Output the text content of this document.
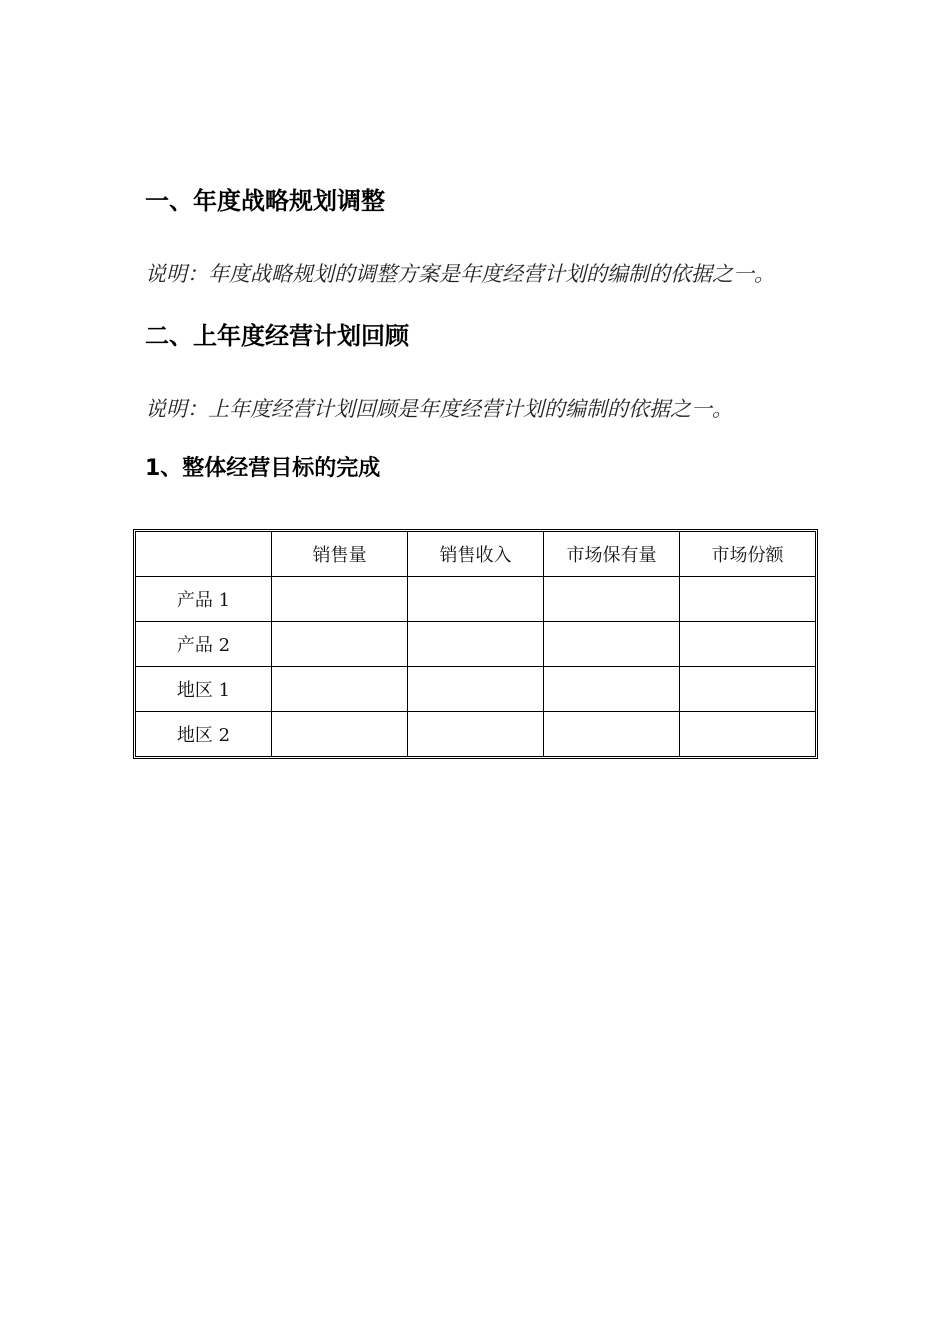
一、年度战略规划调整

说明：年度战略规划的调整方案是年度经营计划的编制的依据之一。

二、上年度经营计划回顾

说明：上年度经营计划回顾是年度经营计划的编制的依据之一。

1、整体经营目标的完成
	销售量	销售收入	市场保有量	市场份额
产品 1				
产品 2				
地区 1				
地区 2				
